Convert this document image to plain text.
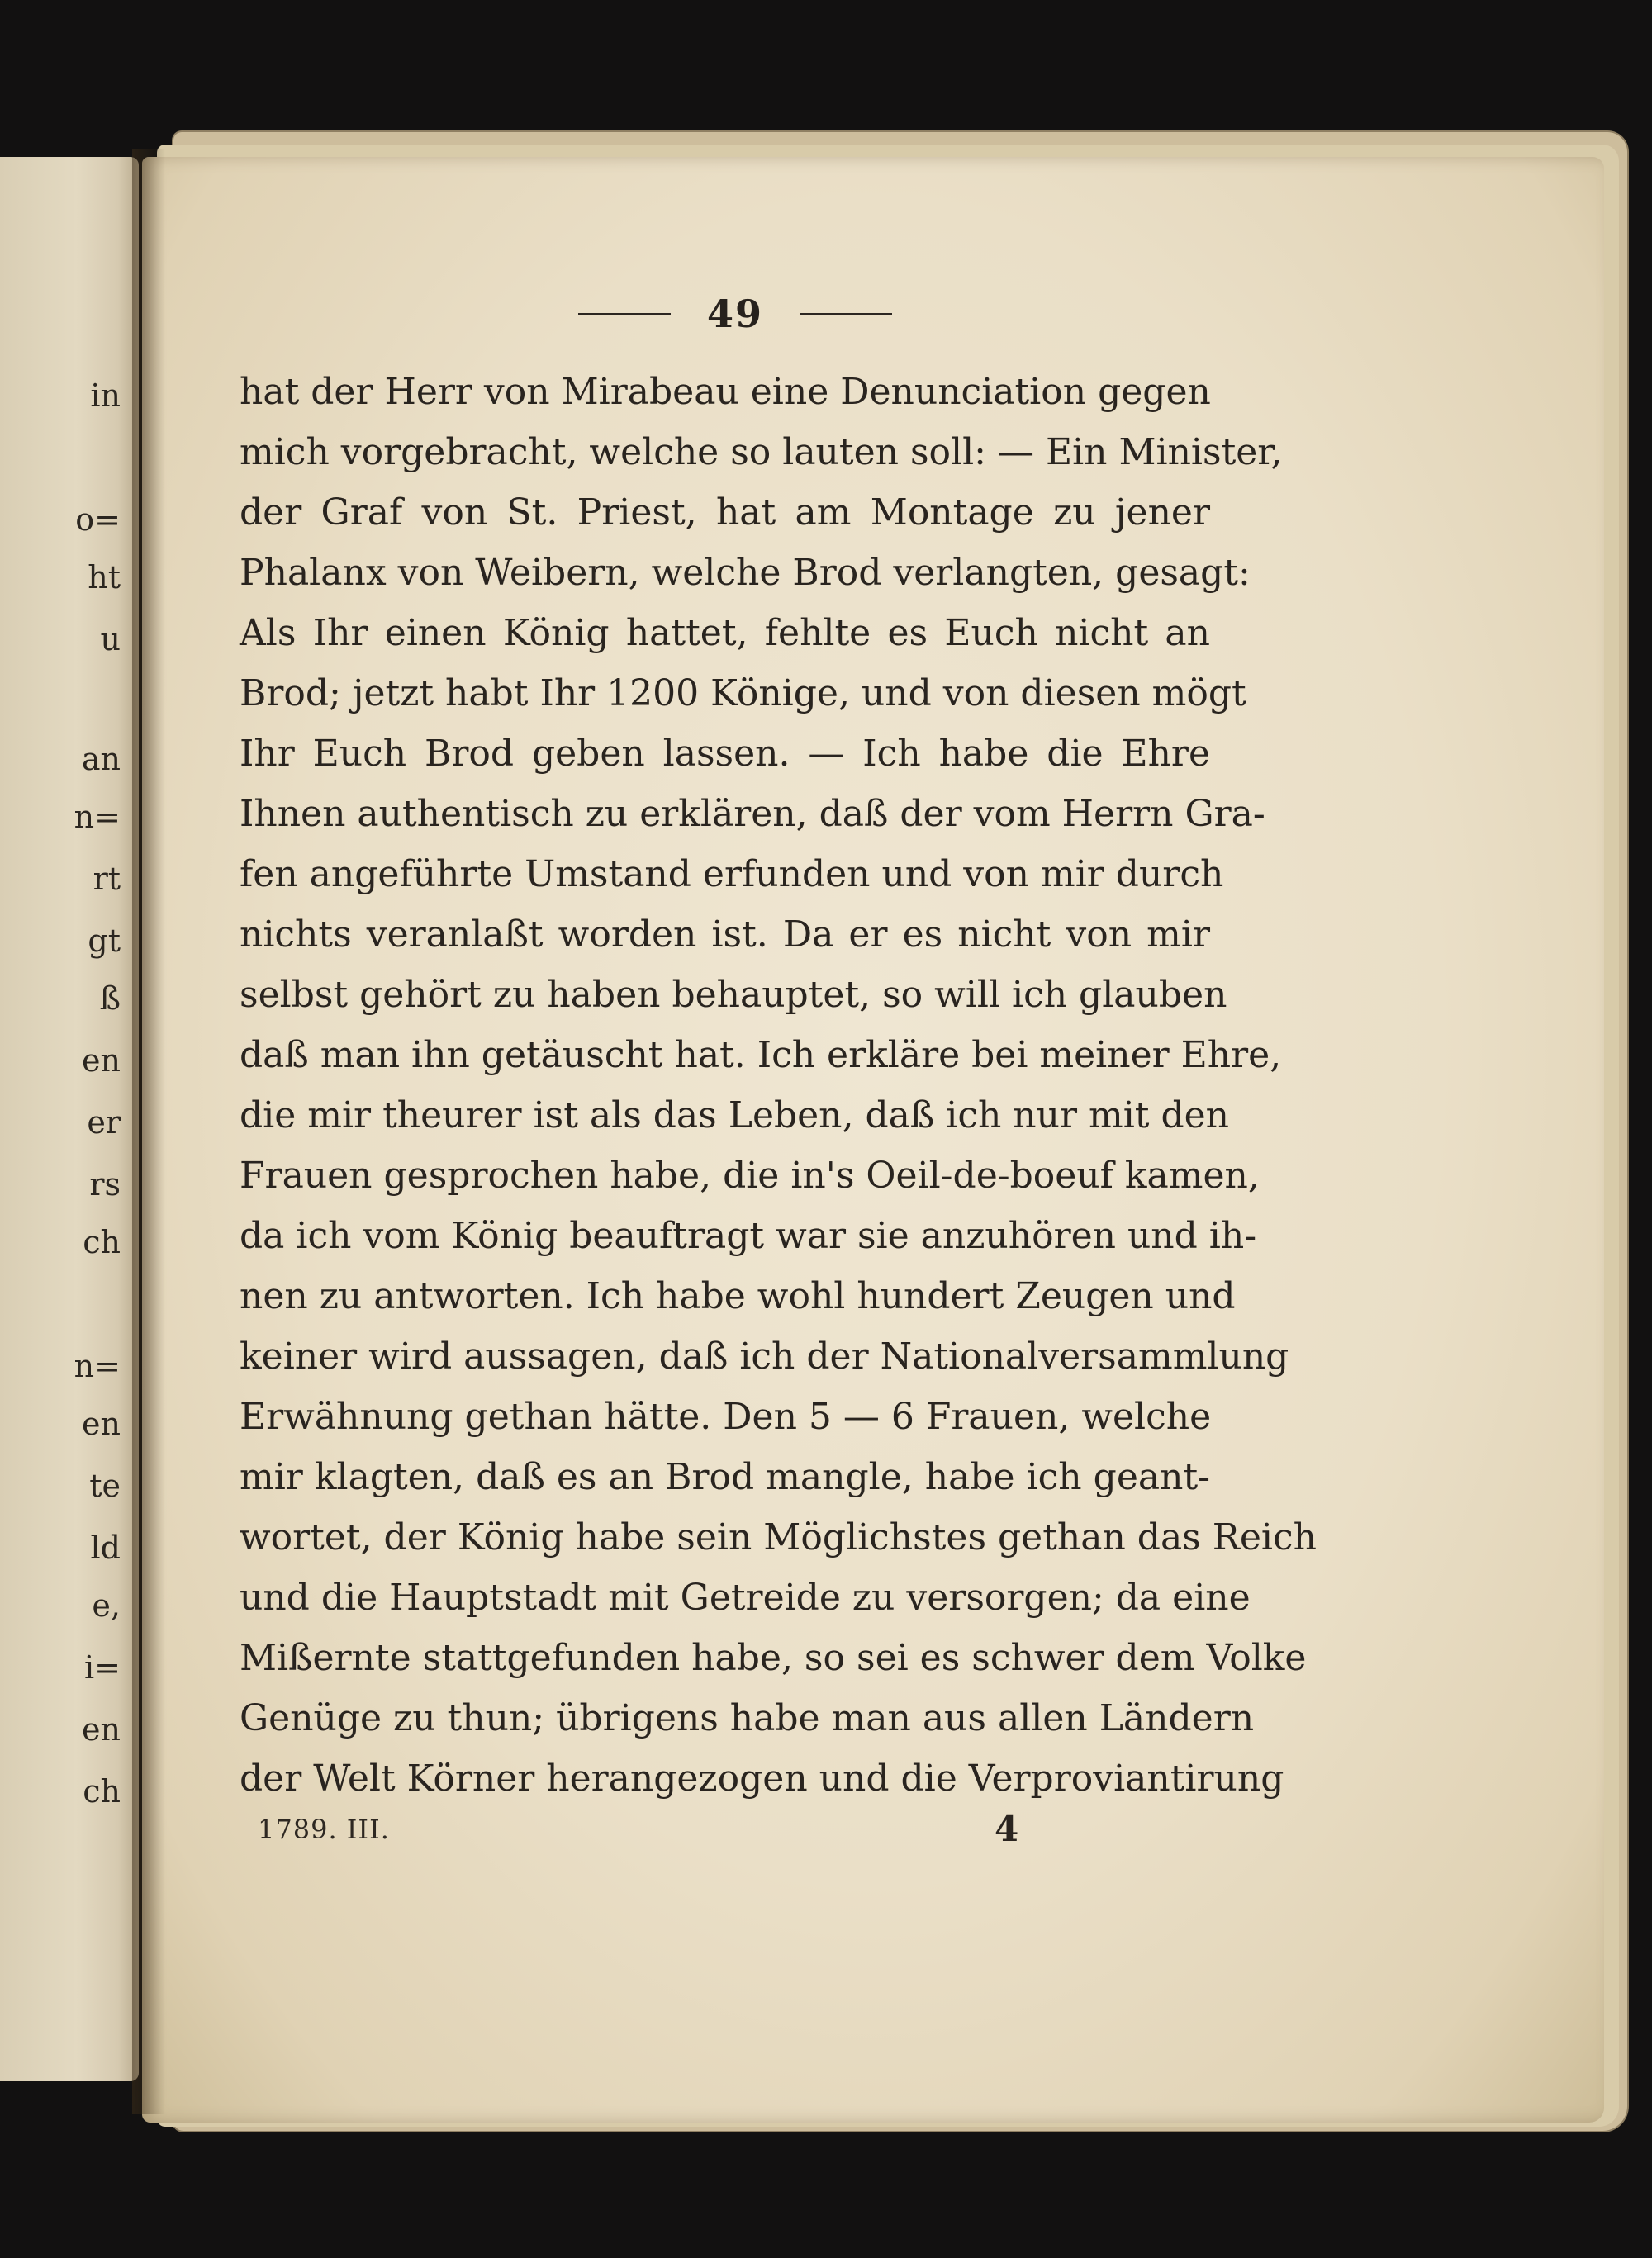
in
o=
ht
u
an
n=
rt
gt
ß
en
er
rs
ch
n=
en
te
ld
e,
i=
en
ch
49
hat der Herr von Mirabeau eine Denunciation gegen
mich vorgebracht, welche so lauten soll: — Ein Minister,
der Graf von St. Priest, hat am Montage zu jener
Phalanx von Weibern, welche Brod verlangten, gesagt:
Als Ihr einen König hattet, fehlte es Euch nicht an
Brod; jetzt habt Ihr 1200 Könige, und von diesen mögt
Ihr Euch Brod geben lassen. — Ich habe die Ehre
Ihnen authentisch zu erklären, daß der vom Herrn Gra-
fen angeführte Umstand erfunden und von mir durch
nichts veranlaßt worden ist. Da er es nicht von mir
selbst gehört zu haben behauptet, so will ich glauben
daß man ihn getäuscht hat. Ich erkläre bei meiner Ehre,
die mir theurer ist als das Leben, daß ich nur mit den
Frauen gesprochen habe, die in's Oeil-de-boeuf kamen,
da ich vom König beauftragt war sie anzuhören und ih-
nen zu antworten. Ich habe wohl hundert Zeugen und
keiner wird aussagen, daß ich der Nationalversammlung
Erwähnung gethan hätte. Den 5 — 6 Frauen, welche
mir klagten, daß es an Brod mangle, habe ich geant-
wortet, der König habe sein Möglichstes gethan das Reich
und die Hauptstadt mit Getreide zu versorgen; da eine
Mißernte stattgefunden habe, so sei es schwer dem Volke
Genüge zu thun; übrigens habe man aus allen Ländern
der Welt Körner herangezogen und die Verproviantirung
1789. III.	4
